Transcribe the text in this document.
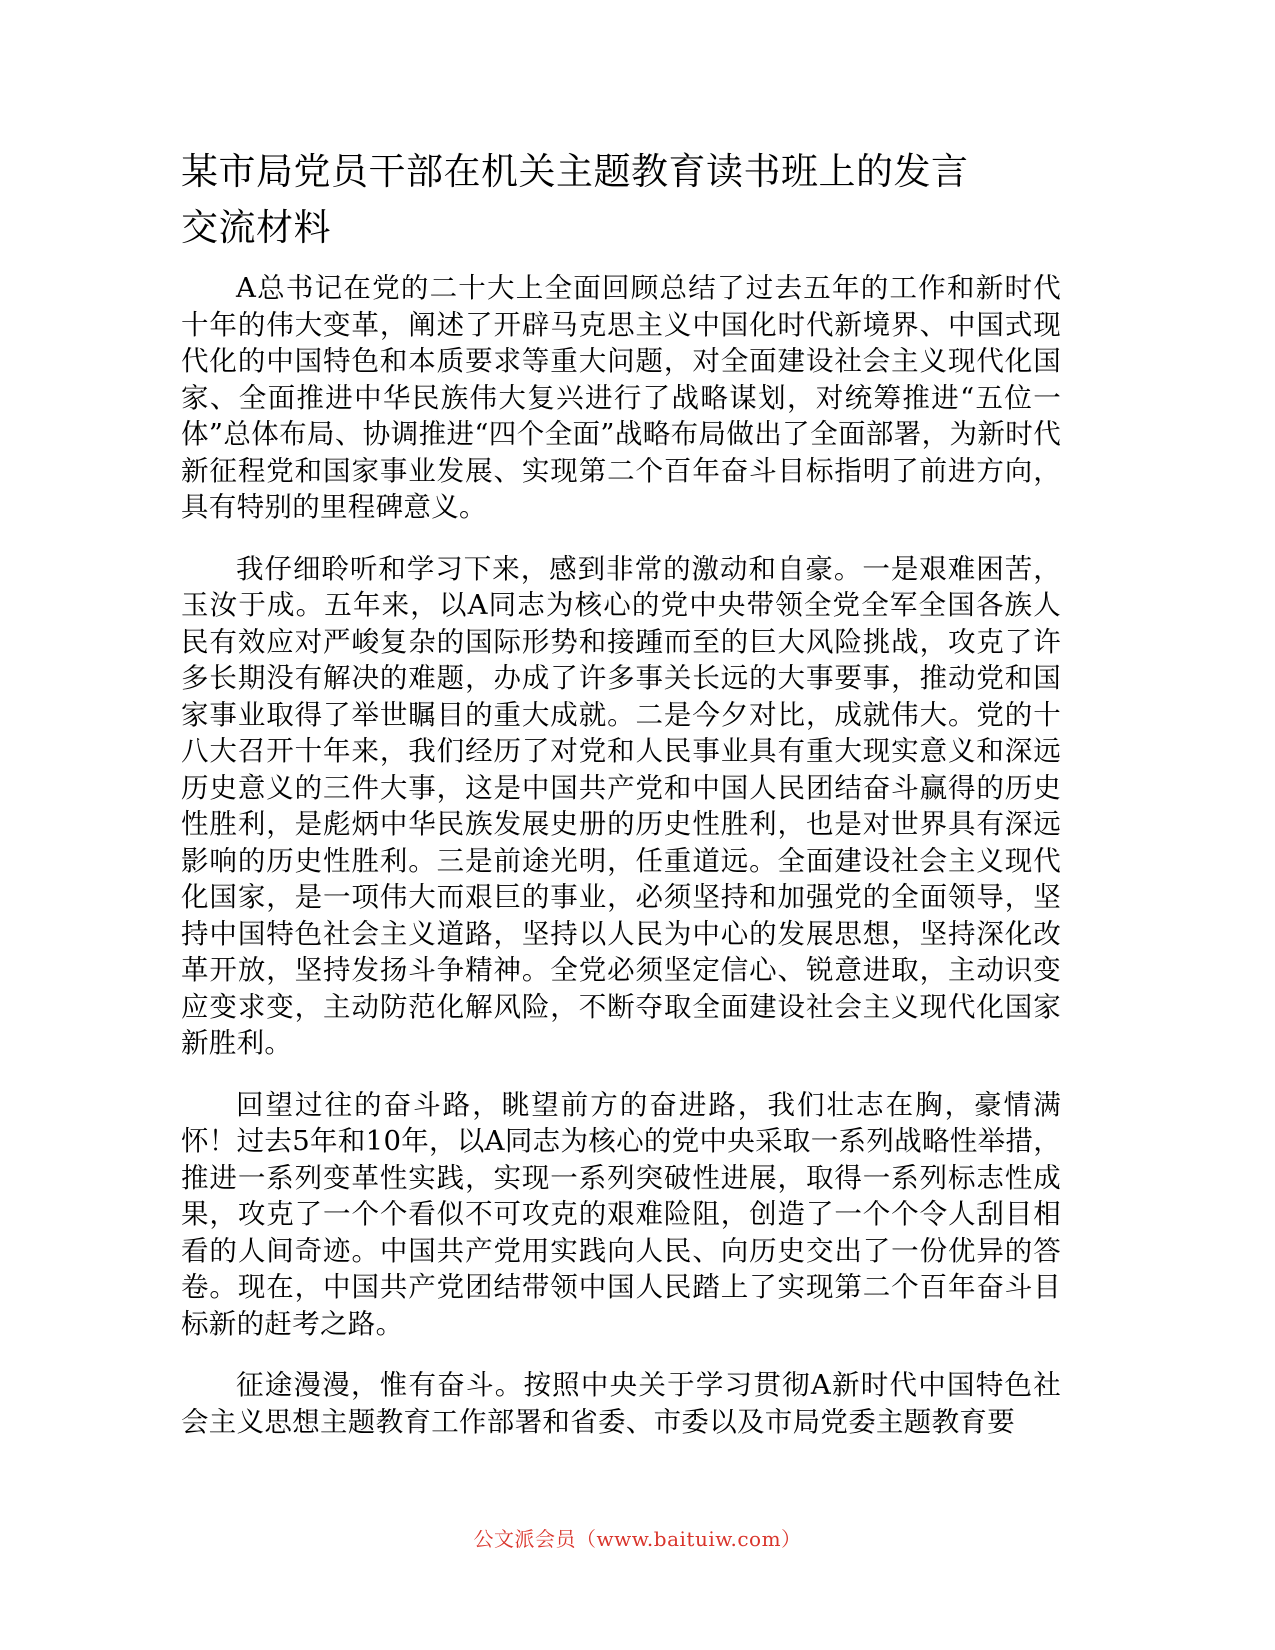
某市局党员干部在机关主题教育读书班上的发言
交流材料

A总书记在党的二十大上全面回顾总结了过去五年的工作和新时代十年的伟大变革，阐述了开辟马克思主义中国化时代新境界、中国式现代化的中国特色和本质要求等重大问题，对全面建设社会主义现代化国家、全面推进中华民族伟大复兴进行了战略谋划，对统筹推进“五位一体”总体布局、协调推进“四个全面”战略布局做出了全面部署，为新时代新征程党和国家事业发展、实现第二个百年奋斗目标指明了前进方向，具有特别的里程碑意义。

我仔细聆听和学习下来，感到非常的激动和自豪。一是艰难困苦，玉汝于成。五年来，以A同志为核心的党中央带领全党全军全国各族人民有效应对严峻复杂的国际形势和接踵而至的巨大风险挑战，攻克了许多长期没有解决的难题，办成了许多事关长远的大事要事，推动党和国家事业取得了举世瞩目的重大成就。二是今夕对比，成就伟大。党的十八大召开十年来，我们经历了对党和人民事业具有重大现实意义和深远历史意义的三件大事，这是中国共产党和中国人民团结奋斗赢得的历史性胜利，是彪炳中华民族发展史册的历史性胜利，也是对世界具有深远影响的历史性胜利。三是前途光明，任重道远。全面建设社会主义现代化国家，是一项伟大而艰巨的事业，必须坚持和加强党的全面领导，坚持中国特色社会主义道路，坚持以人民为中心的发展思想，坚持深化改革开放，坚持发扬斗争精神。全党必须坚定信心、锐意进取，主动识变应变求变，主动防范化解风险，不断夺取全面建设社会主义现代化国家新胜利。

回望过往的奋斗路，眺望前方的奋进路，我们壮志在胸，豪情满怀！过去5年和10年，以A同志为核心的党中央采取一系列战略性举措，推进一系列变革性实践，实现一系列突破性进展，取得一系列标志性成果，攻克了一个个看似不可攻克的艰难险阻，创造了一个个令人刮目相看的人间奇迹。中国共产党用实践向人民、向历史交出了一份优异的答卷。现在，中国共产党团结带领中国人民踏上了实现第二个百年奋斗目标新的赶考之路。

征途漫漫，惟有奋斗。按照中央关于学习贯彻A新时代中国特色社会主义思想主题教育工作部署和省委、市委以及市局党委主题教育要

公文派会员（www.baituiw.com）
